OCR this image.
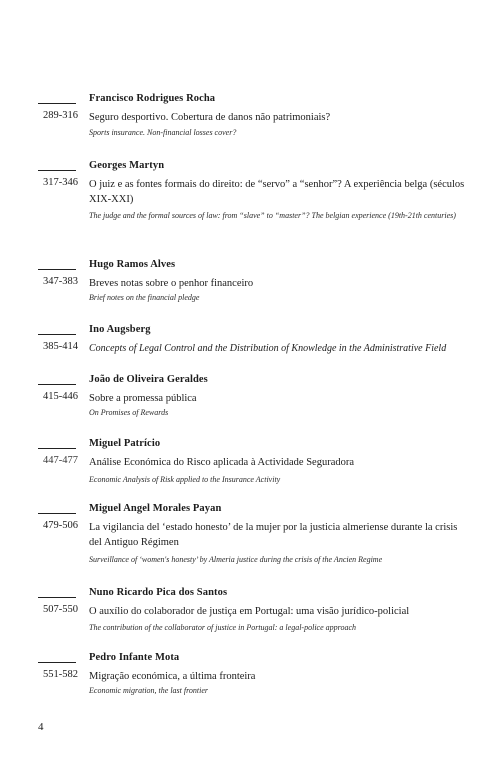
Francisco Rodrigues Rocha
289-316 Seguro desportivo. Cobertura de danos não patrimoniais?
Sports insurance. Non-financial losses cover?
Georges Martyn
317-346 O juiz e as fontes formais do direito: de “servo” a “senhor”? A experiência belga (séculos XIX-XXI)
The judge and the formal sources of law: from “slave” to “master”? The belgian experience (19th-21th centuries)
Hugo Ramos Alves
347-383 Breves notas sobre o penhor financeiro
Brief notes on the financial pledge
Ino Augsberg
385-414 Concepts of Legal Control and the Distribution of Knowledge in the Administrative Field
João de Oliveira Geraldes
415-446 Sobre a promessa pública
On Promises of Rewards
Miguel Patrício
447-477 Análise Económica do Risco aplicada à Actividade Seguradora
Economic Analysis of Risk applied to the Insurance Activity
Miguel Angel Morales Payan
479-506 La vigilancia del ‘estado honesto’ de la mujer por la justicia almeriense durante la crisis del Antiguo Régimen
Surveillance of ‘women's honesty’ by Almeria justice during the crisis of the Ancien Regime
Nuno Ricardo Pica dos Santos
507-550 O auxílio do colaborador de justiça em Portugal: uma visão jurídico-policial
The contribution of the collaborator of justice in Portugal: a legal-police approach
Pedro Infante Mota
551-582 Migração económica, a última fronteira
Economic migration, the last frontier
4
